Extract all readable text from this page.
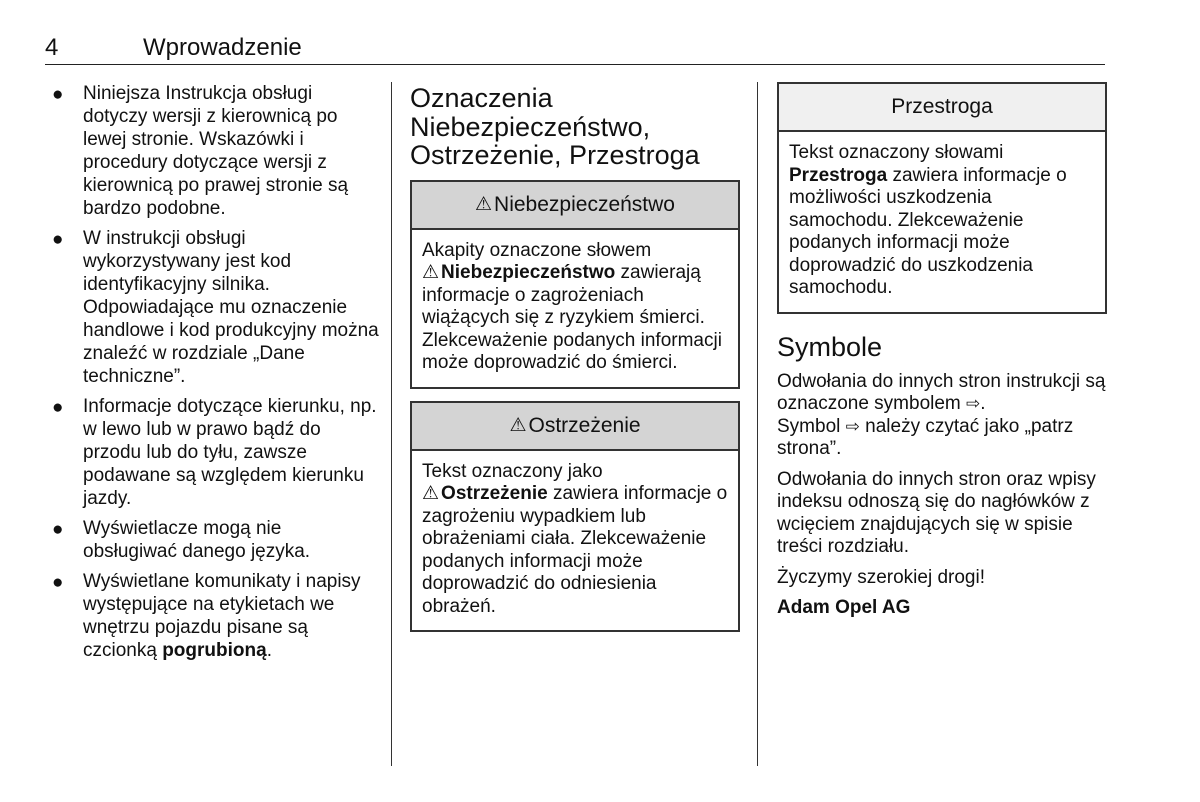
4	Wprowadzenie
● Niniejsza Instrukcja obsługi dotyczy wersji z kierownicą po lewej stronie. Wskazówki i procedury dotyczące wersji z kierownicą po prawej stronie są bardzo podobne.
● W instrukcji obsługi wykorzystywany jest kod identyfikacyjny silnika. Odpowiadające mu oznaczenie handlowe i kod produkcyjny można znaleźć w rozdziale „Dane techniczne”.
● Informacje dotyczące kierunku, np. w lewo lub w prawo bądź do przodu lub do tyłu, zawsze podawane są względem kierunku jazdy.
● Wyświetlacze mogą nie obsługiwać danego języka.
● Wyświetlane komunikaty i napisy występujące na etykietach we wnętrzu pojazdu pisane są czcionką pogrubioną.
Oznaczenia
Niebezpieczeństwo,
Ostrzeżenie, Przestroga
⚠ Niebezpieczeństwo
Akapity oznaczone słowem
⚠ Niebezpieczeństwo zawierają informacje o zagrożeniach wiążących się z ryzykiem śmierci. Zlekceważenie podanych informacji może doprowadzić do śmierci.
⚠ Ostrzeżenie
Tekst oznaczony jako
⚠ Ostrzeżenie zawiera informacje o zagrożeniu wypadkiem lub obrażeniami ciała. Zlekceważenie podanych informacji może doprowadzić do odniesienia obrażeń.
Przestroga
Tekst oznaczony słowami
Przestroga zawiera informacje o możliwości uszkodzenia samochodu. Zlekceważenie podanych informacji może doprowadzić do uszkodzenia samochodu.
Symbole

Odwołania do innych stron instrukcji są oznaczone symbolem ⇨.
Symbol ⇨ należy czytać jako „patrz strona”.

Odwołania do innych stron oraz wpisy indeksu odnoszą się do nagłówków z wcięciem znajdujących się w spisie treści rozdziału.

Życzymy szerokiej drogi!

Adam Opel AG
